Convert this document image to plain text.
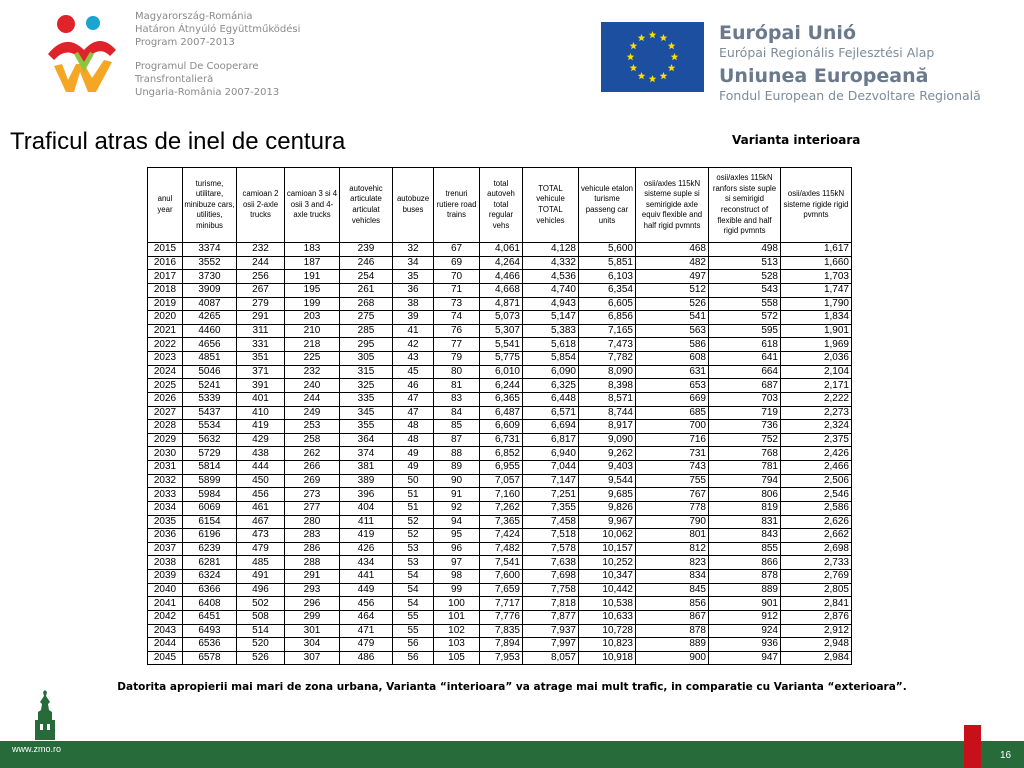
Magyarország-Románia
Határon Átnyúló Együttműködési
Program 2007-2013
Programul De Cooperare
Transfrontalieră
Ungaria-România 2007-2013
Európai Unió
Európai Regionális Fejlesztési Alap
Uniunea Europeană
Fondul European de Dezvoltare Regională
Traficul atras de inel de centura	Varianta interioara
anul year	turisme, utilitare, minibuze cars, utilities, minibus	camioan 2 osii 2-axle trucks	camioan 3 si 4 osii 3 and 4-axle trucks	autovehic articulate articulat vehicles	autobuze buses	trenuri rutiere road trains	total autoveh total regular vehs	TOTAL vehicule TOTAL vehicles	vehicule etalon turisme passeng car units	osii/axles 115kN sisteme suple si semirigide axle equiv flexible and half rigid pvmnts	osii/axles 115kN ranfors siste suple si semirigid reconstruct of flexible and half rigid pvmnts	osii/axles 115kN sisteme rigide rigid pvmnts
2015	3374	232	183	239	32	67	4,061	4,128	5,600	468	498	1,617
2016	3552	244	187	246	34	69	4,264	4,332	5,851	482	513	1,660
2017	3730	256	191	254	35	70	4,466	4,536	6,103	497	528	1,703
2018	3909	267	195	261	36	71	4,668	4,740	6,354	512	543	1,747
2019	4087	279	199	268	38	73	4,871	4,943	6,605	526	558	1,790
2020	4265	291	203	275	39	74	5,073	5,147	6,856	541	572	1,834
2021	4460	311	210	285	41	76	5,307	5,383	7,165	563	595	1,901
2022	4656	331	218	295	42	77	5,541	5,618	7,473	586	618	1,969
2023	4851	351	225	305	43	79	5,775	5,854	7,782	608	641	2,036
2024	5046	371	232	315	45	80	6,010	6,090	8,090	631	664	2,104
2025	5241	391	240	325	46	81	6,244	6,325	8,398	653	687	2,171
2026	5339	401	244	335	47	83	6,365	6,448	8,571	669	703	2,222
2027	5437	410	249	345	47	84	6,487	6,571	8,744	685	719	2,273
2028	5534	419	253	355	48	85	6,609	6,694	8,917	700	736	2,324
2029	5632	429	258	364	48	87	6,731	6,817	9,090	716	752	2,375
2030	5729	438	262	374	49	88	6,852	6,940	9,262	731	768	2,426
2031	5814	444	266	381	49	89	6,955	7,044	9,403	743	781	2,466
2032	5899	450	269	389	50	90	7,057	7,147	9,544	755	794	2,506
2033	5984	456	273	396	51	91	7,160	7,251	9,685	767	806	2,546
2034	6069	461	277	404	51	92	7,262	7,355	9,826	778	819	2,586
2035	6154	467	280	411	52	94	7,365	7,458	9,967	790	831	2,626
2036	6196	473	283	419	52	95	7,424	7,518	10,062	801	843	2,662
2037	6239	479	286	426	53	96	7,482	7,578	10,157	812	855	2,698
2038	6281	485	288	434	53	97	7,541	7,638	10,252	823	866	2,733
2039	6324	491	291	441	54	98	7,600	7,698	10,347	834	878	2,769
2040	6366	496	293	449	54	99	7,659	7,758	10,442	845	889	2,805
2041	6408	502	296	456	54	100	7,717	7,818	10,538	856	901	2,841
2042	6451	508	299	464	55	101	7,776	7,877	10,633	867	912	2,876
2043	6493	514	301	471	55	102	7,835	7,937	10,728	878	924	2,912
2044	6536	520	304	479	56	103	7,894	7,997	10,823	889	936	2,948
2045	6578	526	307	486	56	105	7,953	8,057	10,918	900	947	2,984
Datorita apropierii mai mari de zona urbana, Varianta “interioara” va atrage mai mult trafic, in comparatie cu Varianta “exterioara”.
www.zmo.ro
16
